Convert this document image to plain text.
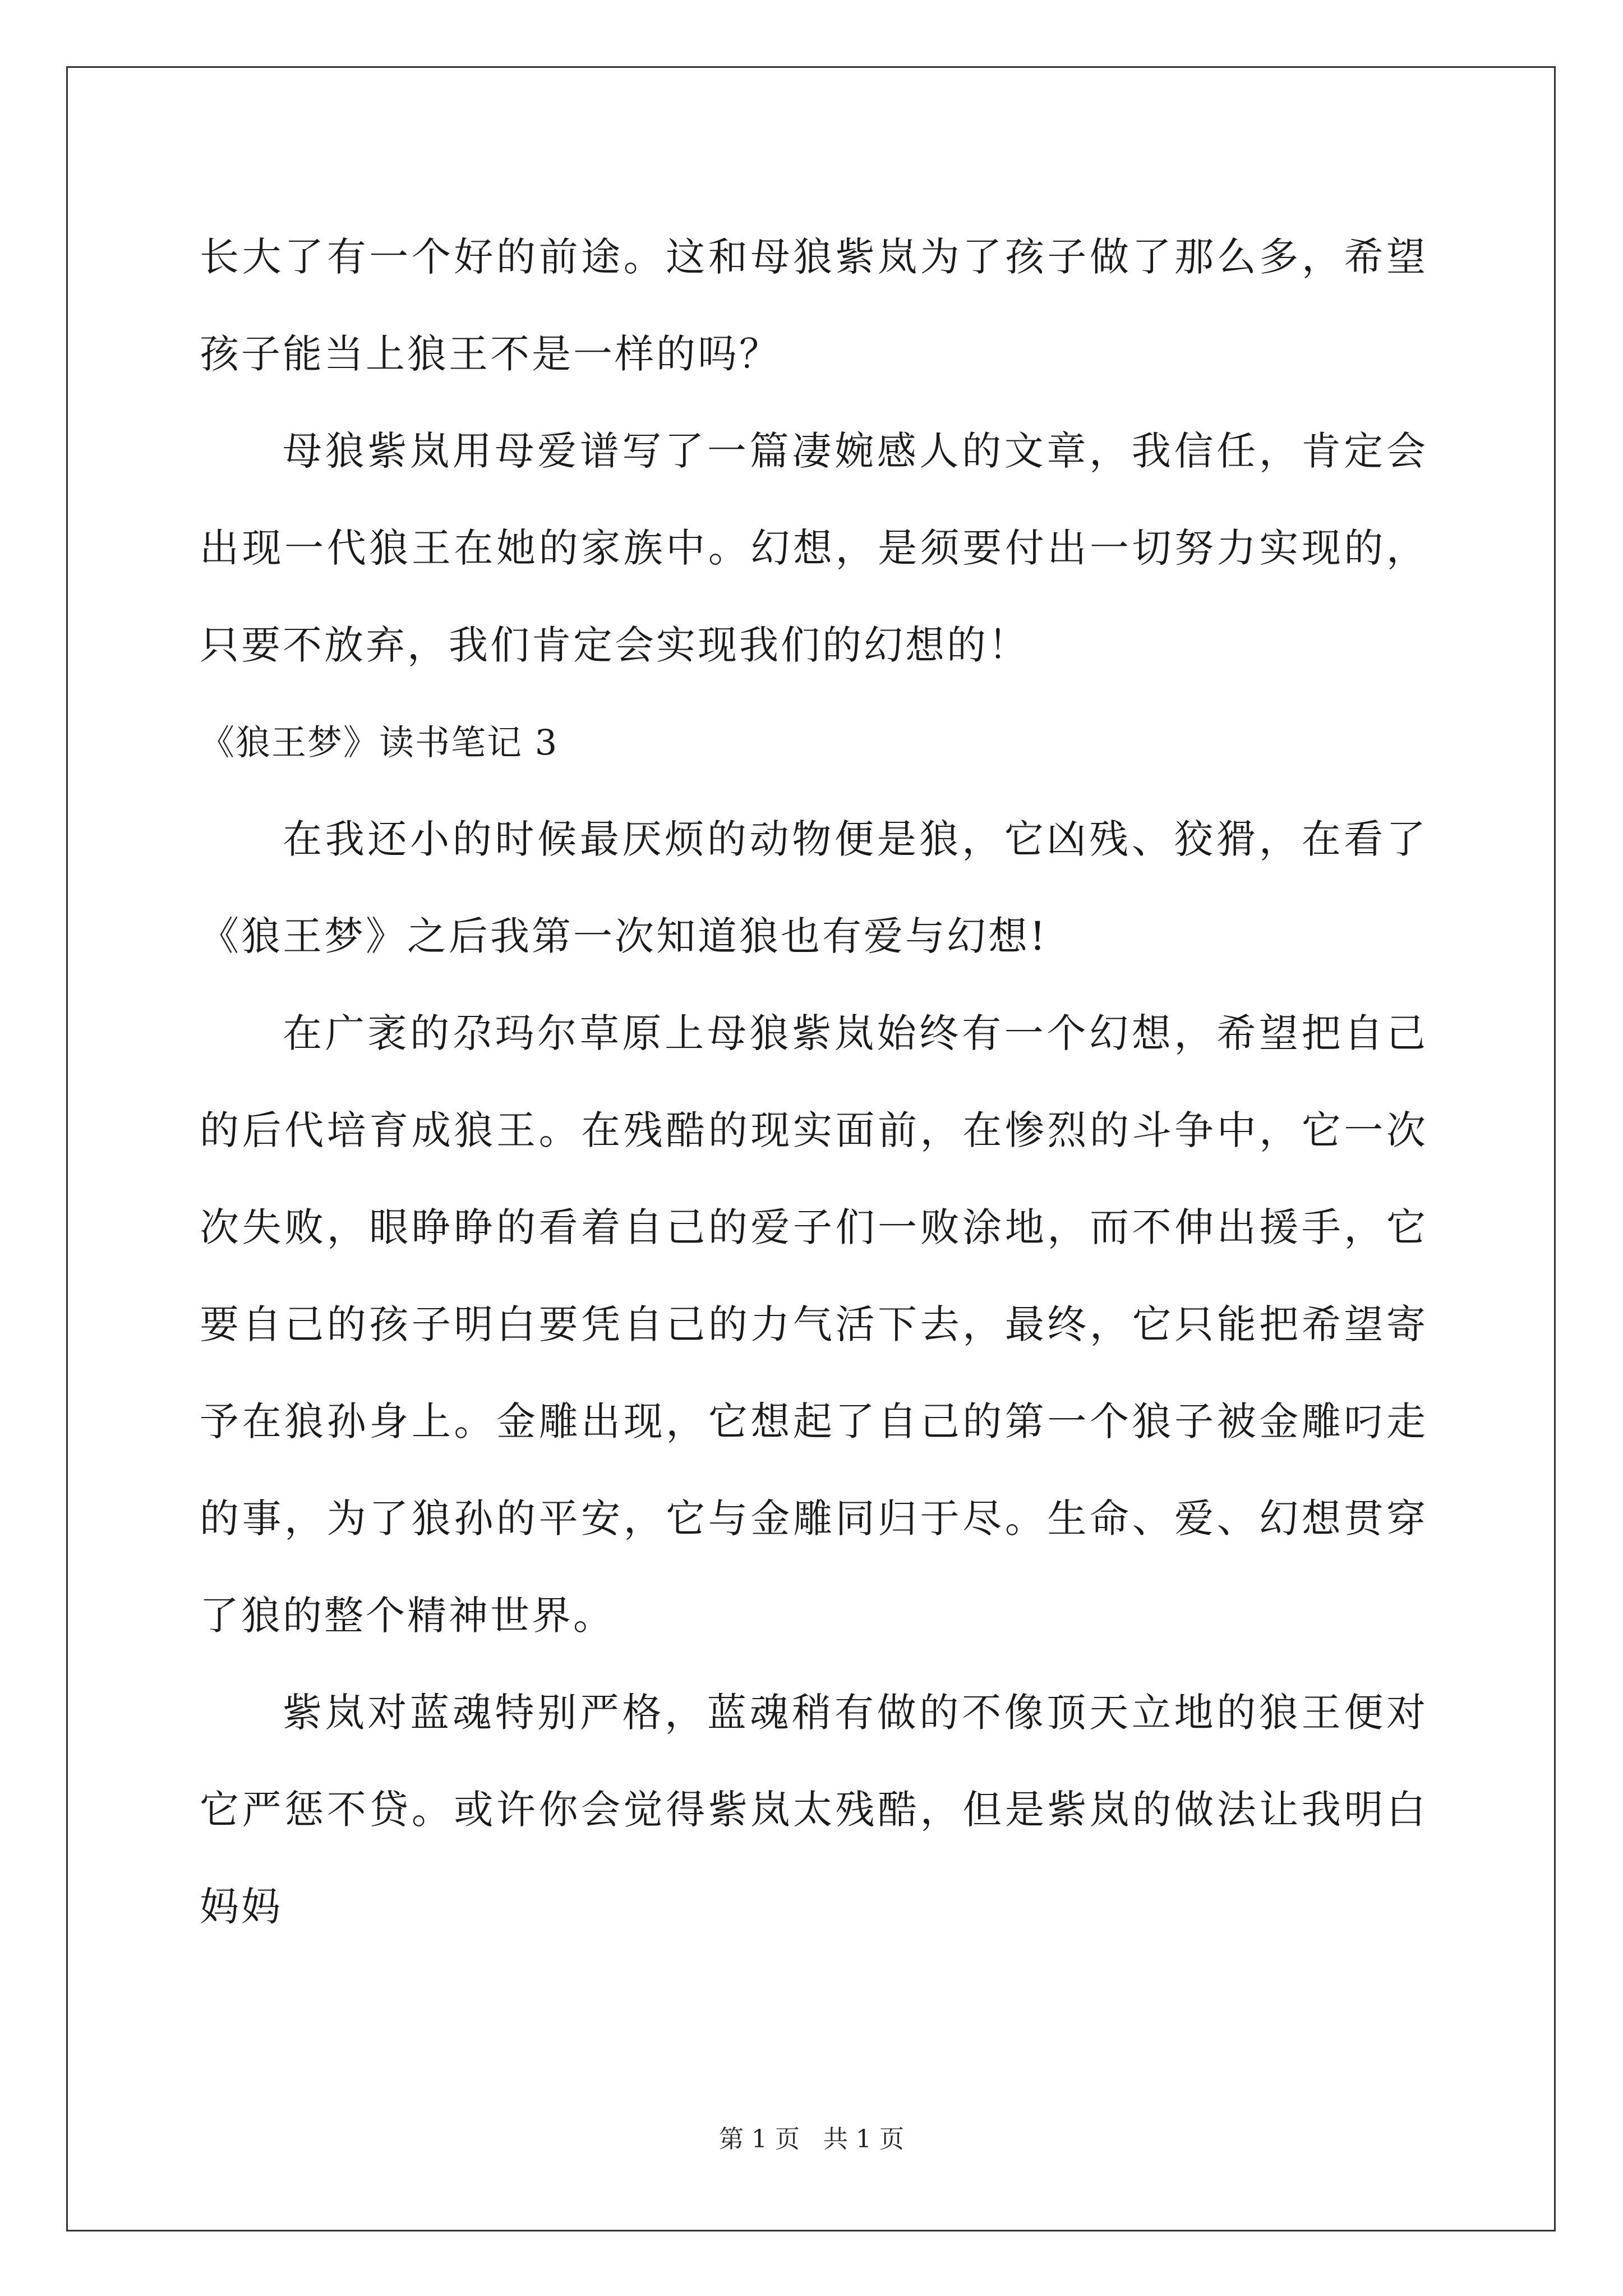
长大了有一个好的前途。这和母狼紫岚为了孩子做了那么多，希望孩子能当上狼王不是一样的吗？

母狼紫岚用母爱谱写了一篇凄婉感人的文章，我信任，肯定会出现一代狼王在她的家族中。幻想，是须要付出一切努力实现的，只要不放弃，我们肯定会实现我们的幻想的！

《狼王梦》读书笔记 3

在我还小的时候最厌烦的动物便是狼，它凶残、狡猾，在看了《狼王梦》之后我第一次知道狼也有爱与幻想!

在广袤的尕玛尔草原上母狼紫岚始终有一个幻想，希望把自己的后代培育成狼王。在残酷的现实面前，在惨烈的斗争中，它一次次失败，眼睁睁的看着自己的爱子们一败涂地，而不伸出援手，它要自己的孩子明白要凭自己的力气活下去，最终，它只能把希望寄予在狼孙身上。金雕出现，它想起了自己的第一个狼子被金雕叼走的事，为了狼孙的平安，它与金雕同归于尽。生命、爱、幻想贯穿了狼的整个精神世界。

紫岚对蓝魂特别严格，蓝魂稍有做的不像顶天立地的狼王便对它严惩不贷。或许你会觉得紫岚太残酷，但是紫岚的做法让我明白妈妈

第 1 页 共 1 页
